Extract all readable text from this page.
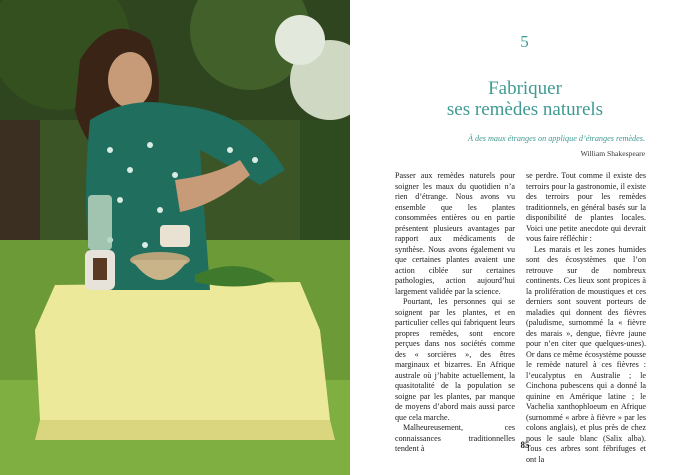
5
Fabriquer
ses remèdes naturels
À des maux étranges on applique d’étranges remèdes.
William Shakespeare

Passer aux remèdes naturels pour soigner les maux du quotidien n’a rien d’étrange. Nous avons vu ensemble que les plantes consommées entières ou en partie présentent plusieurs avantages par rapport aux médicaments de synthèse. Nous avons également vu que certaines plantes avaient une action ciblée sur certaines pathologies, action aujourd’hui largement validée par la science.

Pourtant, les personnes qui se soignent par les plantes, et en particulier celles qui fabriquent leurs propres remèdes, sont encore perçues dans nos sociétés comme des « sorcières », des êtres marginaux et bizarres. En Afrique australe où j’habite actuellement, la quasitotalité de la population se soigne par les plantes, par manque de moyens d’abord mais aussi parce que cela marche.

Malheureusement, ces connaissances traditionnelles tendent à

se perdre. Tout comme il existe des terroirs pour la gastronomie, il existe des terroirs pour les remèdes traditionnels, en général basés sur la disponibilité de plantes locales. Voici une petite anecdote qui devrait vous faire réfléchir :

Les marais et les zones humides sont des écosystèmes que l’on retrouve sur de nombreux continents. Ces lieux sont propices à la prolifération de moustiques et ces derniers sont souvent porteurs de maladies qui donnent des fièvres (paludisme, surnommé la « fièvre des marais », dengue, fièvre jaune pour n’en citer que quelques-unes). Or dans ce même écosystème pousse le remède naturel à ces fièvres : l’eucalyptus en Australie ; le Cinchona pubescens qui a donné la quinine en Amérique latine ; le Vachelia xanthophloeum en Afrique (surnommé « arbre à fièvre » par les colons anglais), et plus près de chez nous le saule blanc (Salix alba). Tous ces arbres sont fébrifuges et ont la

85
